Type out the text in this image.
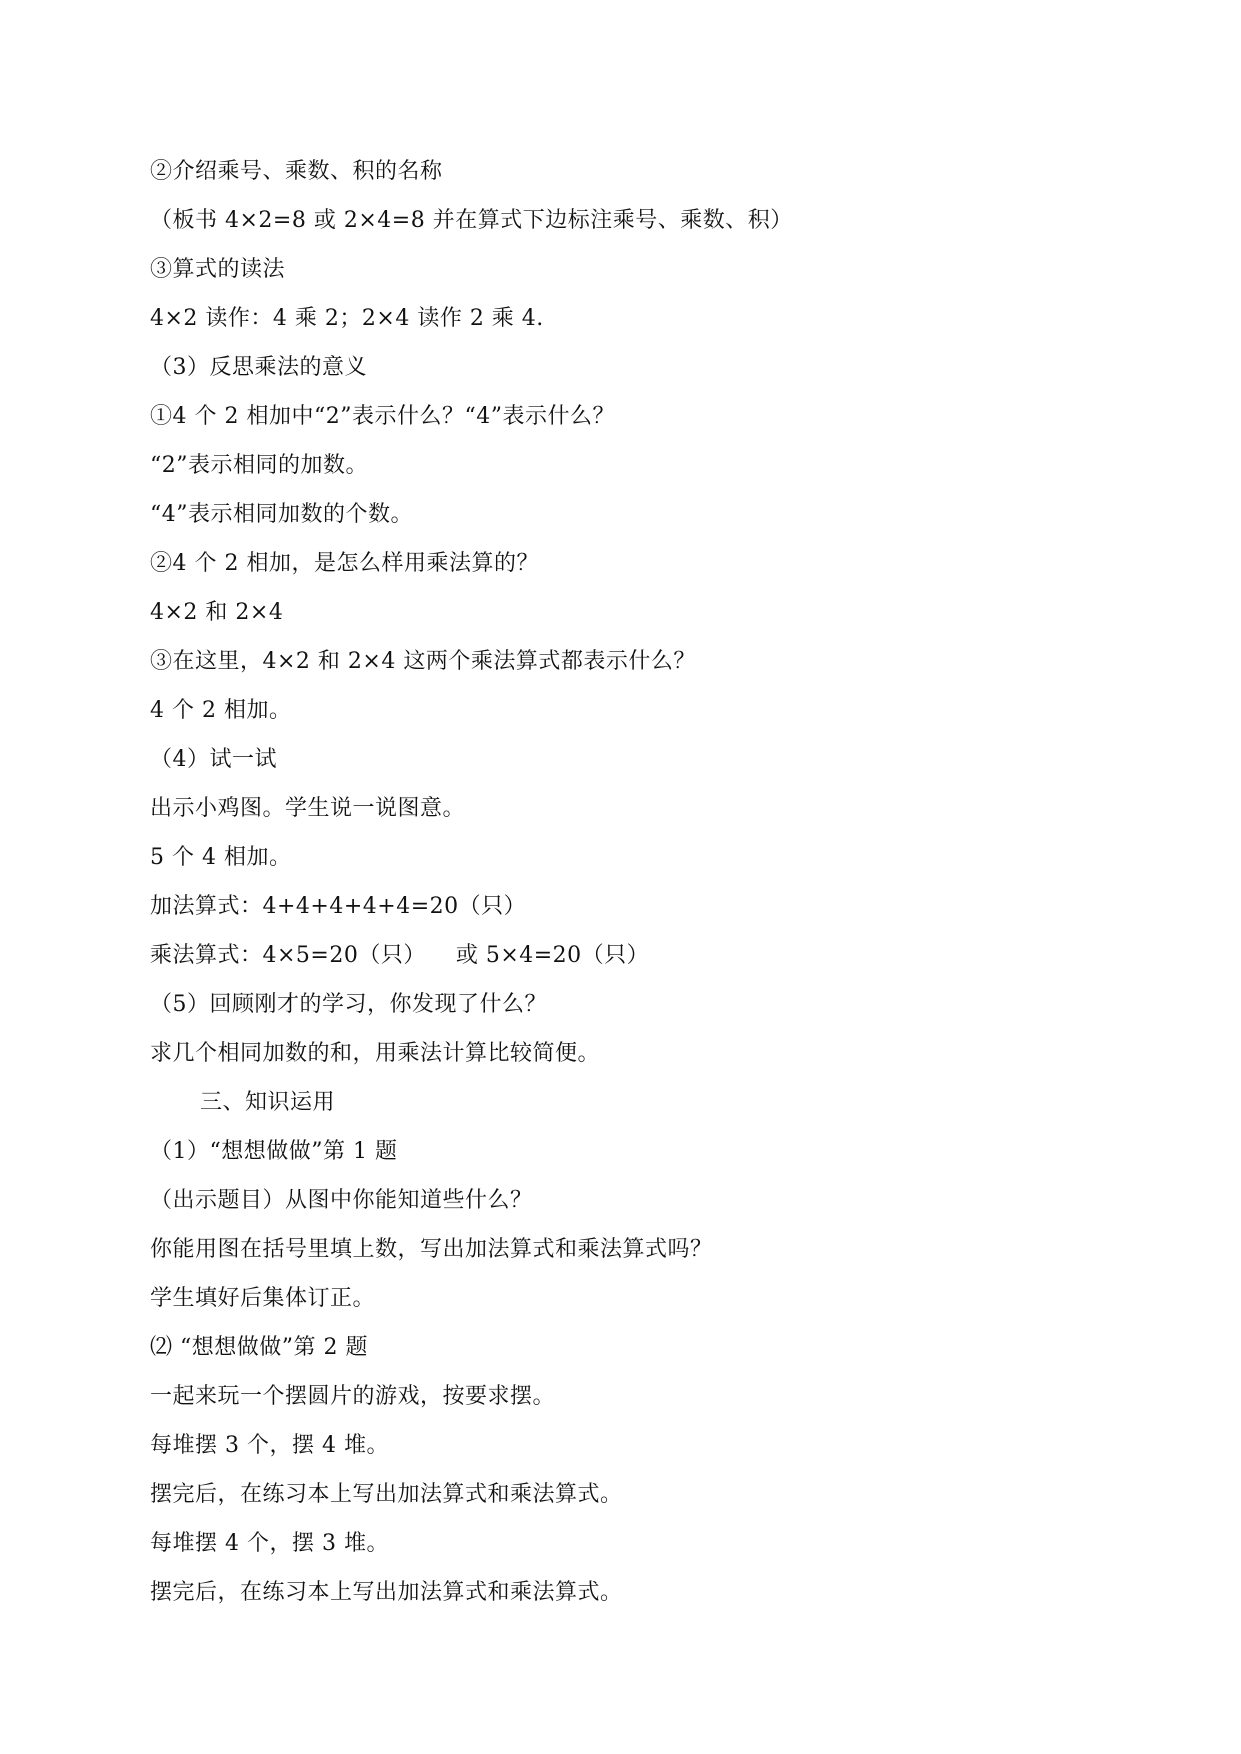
②介绍乘号、乘数、积的名称
（板书 4×2=8 或 2×4=8 并在算式下边标注乘号、乘数、积）
③算式的读法
4×2 读作：4 乘 2；2×4 读作 2 乘 4.
（3）反思乘法的意义
①4 个 2 相加中“2”表示什么？“4”表示什么？
“2”表示相同的加数。
“4”表示相同加数的个数。
②4 个 2 相加，是怎么样用乘法算的？
4×2 和 2×4
③在这里，4×2 和 2×4 这两个乘法算式都表示什么？
4 个 2 相加。
（4）试一试
出示小鸡图。学生说一说图意。
5 个 4 相加。
加法算式：4+4+4+4+4=20（只）
乘法算式：4×5=20（只）    或 5×4=20（只）
（5）回顾刚才的学习，你发现了什么？
求几个相同加数的和，用乘法计算比较简便。
三、知识运用
（1）“想想做做”第 1 题
（出示题目）从图中你能知道些什么？
你能用图在括号里填上数，写出加法算式和乘法算式吗？
学生填好后集体订正。
⑵ “想想做做”第 2 题
一起来玩一个摆圆片的游戏，按要求摆。
每堆摆 3 个，摆 4 堆。
摆完后，在练习本上写出加法算式和乘法算式。
每堆摆 4 个，摆 3 堆。
摆完后，在练习本上写出加法算式和乘法算式。
